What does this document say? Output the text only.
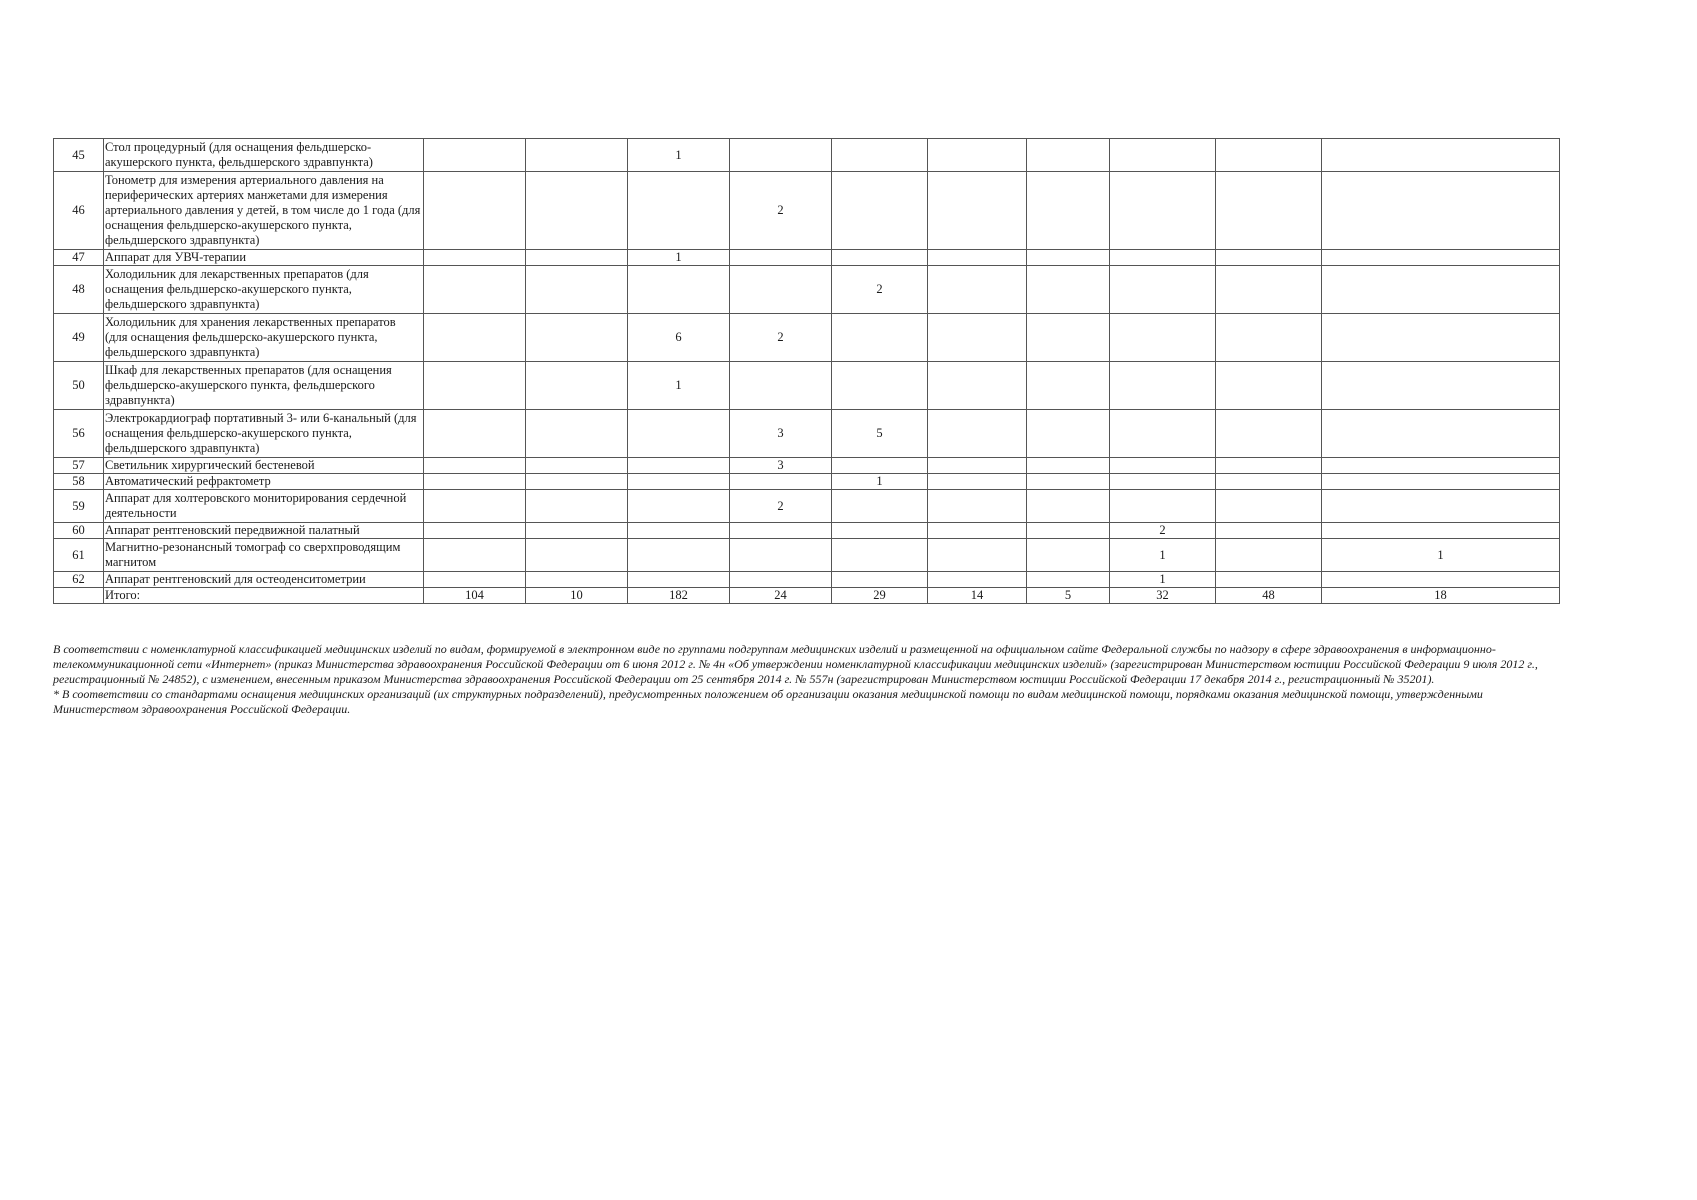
45	Стол процедурный (для оснащения фельдшерско-акушерского пункта, фельдшерского здравпункта)			1								
46	Тонометр для измерения артериального давления на периферических артериях манжетами для измерения артериального давления у детей, в том числе до 1 года (для оснащения фельдшерско-акушерского пункта, фельдшерского здравпункта)				2							
47	Аппарат для УВЧ-терапии			1								
48	Холодильник для лекарственных препаратов (для оснащения фельдшерско-акушерского пункта, фельдшерского здравпункта)					2						
49	Холодильник для хранения лекарственных препаратов (для оснащения фельдшерско-акушерского пункта, фельдшерского здравпункта)			6	2							
50	Шкаф для лекарственных препаратов (для оснащения фельдшерско-акушерского пункта, фельдшерского здравпункта)			1								
56	Электрокардиограф портативный 3- или 6-канальный (для оснащения фельдшерско-акушерского пункта, фельдшерского здравпункта)				3	5						
57	Светильник хирургический бестеневой				3							
58	Автоматический рефрактометр					1						
59	Аппарат для холтеровского мониторирования сердечной деятельности				2							
60	Аппарат рентгеновский передвижной палатный								2			
61	Магнитно-резонансный томограф со сверхпроводящим магнитом								1		1	
62	Аппарат рентгеновский для остеоденситометрии								1			
	Итого:	104	10	182	24	29	14	5	32	48	18	

В соответствии с номенклатурной классификацией медицинских изделий по видам, формируемой в электронном виде по группами подгруппам медицинских изделий и размещенной на официальном сайте Федеральной службы по надзору в сфере здравоохранения в информационно-телекоммуникационной сети «Интернет» (приказ Министерства здравоохранения Российской Федерации от 6 июня 2012 г. № 4н «Об утверждении номенклатурной классификации медицинских изделий» (зарегистрирован Министерством юстиции Российской Федерации 9 июля 2012 г., регистрационный № 24852), с изменением, внесенным приказом Министерства здравоохранения Российской Федерации от 25 сентября 2014 г. № 557н (зарегистрирован Министерством юстиции Российской Федерации 17 декабря 2014 г., регистрационный № 35201).

* В соответствии со стандартами оснащения медицинских организаций (их структурных подразделений), предусмотренных положением об организации оказания медицинской помощи по видам медицинской помощи, порядками оказания медицинской помощи, утвержденными Министерством здравоохранения Российской Федерации.
